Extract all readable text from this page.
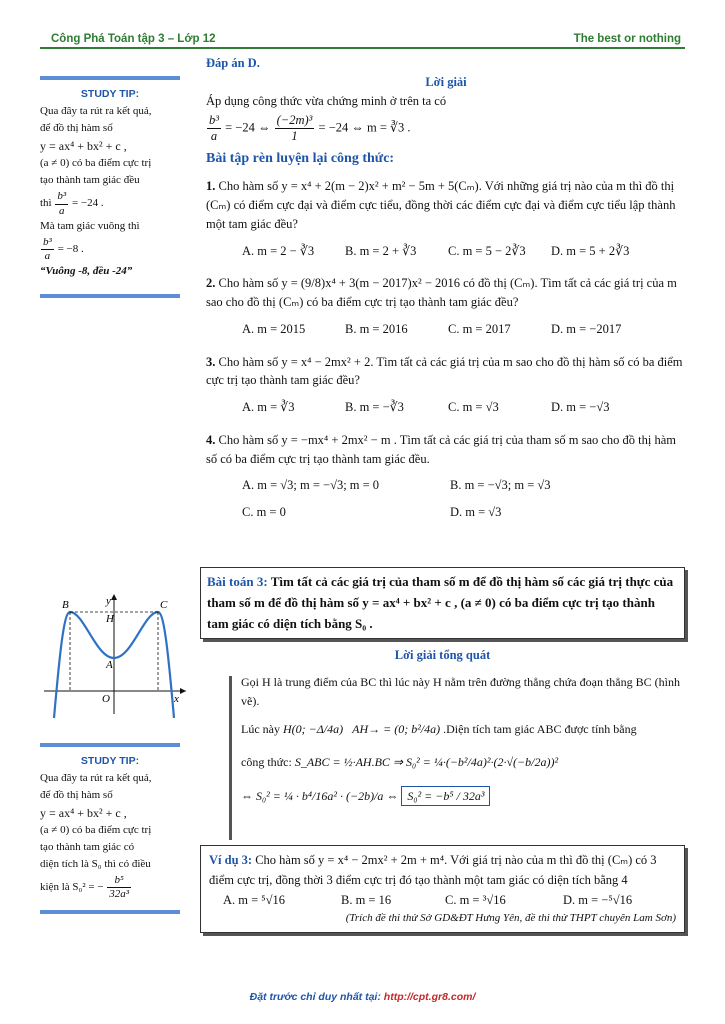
Công Phá Toán tập 3 – Lớp 12	The best or nothing
STUDY TIP:

Qua đây ta rút ra kết quả,

để đồ thị hàm số

y = ax⁴ + bx² + c ,

(a ≠ 0) có ba điểm cực trị

tạo thành tam giác đều

thì $\frac{\text{b³}}{a} = -24$ .

Mà tam giác vuông thì

$\frac{\text{b³}}{a} = -8$ .

“Vuông -8, đều -24”

Đáp án D.
Lời giải
Áp dụng công thức vừa chứng minh ở trên ta có
$\frac{\text{b³}}{a} = -24$ ⇔ $\frac{\text{(−2m)³}}{1} = -24$ ⇔ m = ∛3 .
Bài tập rèn luyện lại công thức:
1. Cho hàm số y = x⁴ + 2(m − 2)x² + m² − 5m + 5(Cₘ). Với những giá trị nào của m thì đồ thị (Cₘ) có điểm cực đại và điểm cực tiểu, đồng thời các điểm cực đại và điểm cực tiểu lập thành một tam giác đều?
A. m = 2 − ∛3	B. m = 2 + ∛3	C. m = 5 − 2∛3	D. m = 5 + 2∛3
2. Cho hàm số y = (9/8)x⁴ + 3(m − 2017)x² − 2016 có đồ thị (Cₘ). Tìm tất cả các giá trị của m sao cho đồ thị (Cₘ) có ba điểm cực trị tạo thành tam giác đều?
A. m = 2015	B. m = 2016	C. m = 2017	D. m = −2017
3. Cho hàm số y = x⁴ − 2mx² + 2. Tìm tất cả các giá trị của m sao cho đồ thị hàm số có ba điểm cực trị tạo thành tam giác đều?
A. m = ∛3	B. m = −∛3	C. m = √3	D. m = −√3
4. Cho hàm số y = −mx⁴ + 2mx² − m . Tìm tất cả các giá trị của tham số m sao cho đồ thị hàm số có ba điểm cực trị tạo thành tam giác đều.
A. m = √3; m = −√3; m = 0	B. m = −√3; m = √3
C. m = 0	D. m = √3
Bài toán 3: Tìm tất cả các giá trị của tham số m để đồ thị hàm số các giá trị thực của tham số m để đồ thị hàm số y = ax⁴ + bx² + c , (a ≠ 0) có ba điểm cực trị tạo thành tam giác có diện tích bằng S₀ .
B	C
H
A
O	x
y
Lời giải tổng quát
Gọi H là trung điểm của BC thì lúc này H nằm trên đường thẳng chứa đoạn thẳng BC (hình vẽ).
Lúc này H(0; −Δ/4a) AH→ = (0; b²/4a) .Diện tích tam giác ABC được tính bằng
công thức: S_ABC = ½·AH.BC ⇒ S₀² = ¼·(−b²/4a)²·(2·√(−b/2a))²
⇔ S₀² = ¼ · b⁴/16a² · (−2b)/a ⇔ S₀² = −b⁵ / 32a³
STUDY TIP:

Qua đây ta rút ra kết quả,

để đồ thị hàm số

y = ax⁴ + bx² + c ,

(a ≠ 0) có ba điểm cực trị

tạo thành tam giác có

diện tích là S₀ thì có điều

kiện là S₀² = − $\frac{\text{b⁵}}{\text{32a³}}$

Ví dụ 3: Cho hàm số y = x⁴ − 2mx² + 2m + m⁴. Với giá trị nào của m thì đồ thị (Cₘ) có 3 điểm cực trị, đồng thời 3 điểm cực trị đó tạo thành một tam giác có diện tích bằng 4
A. m = ⁵√16	B. m = 16	C. m = ³√16	D. m = −⁵√16
(Trích đề thi thử Sở GD&ĐT Hưng Yên, đề thi thử THPT chuyên Lam Sơn)
Đặt trước chỉ duy nhất tại: http://cpt.gr8.com/
